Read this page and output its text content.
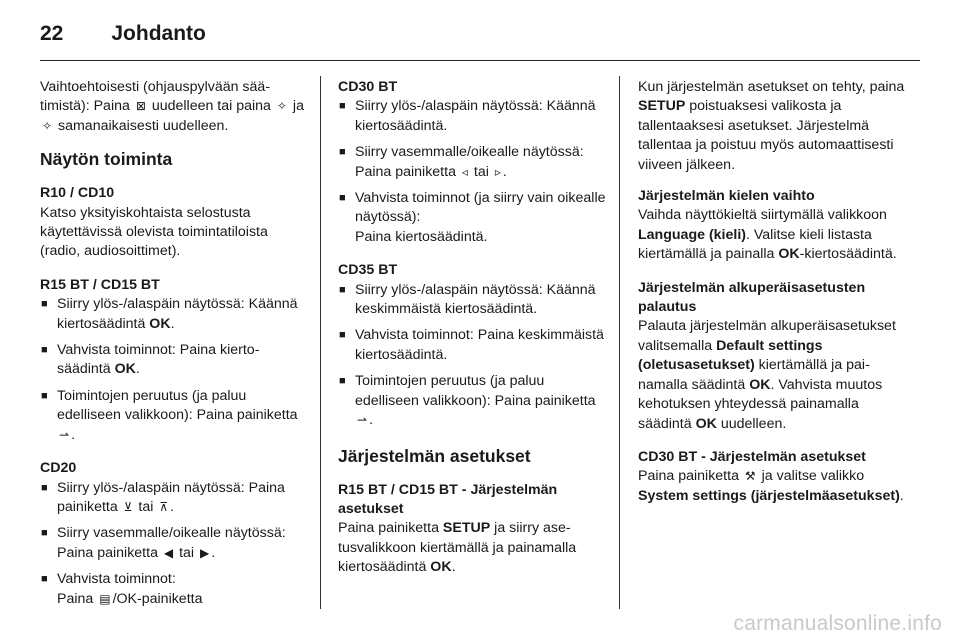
22 Johdanto

Vaihtoehtoisesti (ohjauspylvään säätimistä): Paina ⊠ uudelleen tai paina ✧ ja ✧ samanaikaisesti uudelleen.

Näytön toiminta
R10 / CD10
Katso yksityiskohtaista selostusta käytettävissä olevista toimintatiloista (radio, audiosoittimet).
R15 BT / CD15 BT
■ Siirry ylös-/alaspäin näytössä: Käännä kiertosäädintä OK.
■ Vahvista toiminnot: Paina kiertosäädintä OK.
■ Toimintojen peruutus (ja paluu edelliseen valikkoon): Paina painiketta ⇀ .
CD20
■ Siirry ylös-/alaspäin näytössä: Paina painiketta ⊻ tai ⊼ .
■ Siirry vasemmalle/oikealle näytössä: Paina painiketta ◀ tai ▶ .
■ Vahvista toiminnot:
Paina ▤ /OK-painiketta
CD30 BT
■ Siirry ylös-/alaspäin näytössä: Käännä kiertosäädintä.
■ Siirry vasemmalle/oikealle näytössä: Paina painiketta ◃ tai ▹ .
■ Vahvista toiminnot (ja siirry vain oikealle näytössä):
Paina kiertosäädintä.
CD35 BT
■ Siirry ylös-/alaspäin näytössä: Käännä keskimmäistä kiertosäädintä.
■ Vahvista toiminnot: Paina keskimmäistä kiertosäädintä.
■ Toimintojen peruutus (ja paluu edelliseen valikkoon): Paina painiketta ⇀ .
Järjestelmän asetukset
R15 BT / CD15 BT - Järjestelmän asetukset
Paina painiketta SETUP ja siirry asetusvalikkoon kiertämällä ja painamalla kiertosäädintä OK.

Kun järjestelmän asetukset on tehty, paina SETUP poistuaksesi valikosta ja tallentaaksesi asetukset. Järjestelmä tallentaa ja poistuu myös automaattisesti viiveen jälkeen.

Järjestelmän kielen vaihto
Vaihda näyttökieltä siirtymällä valikkoon Language (kieli). Valitse kieli listasta kiertämällä ja painalla OK-kiertosäädintä.
Järjestelmän alkuperäisasetusten palautus
Palauta järjestelmän alkuperäisasetukset valitsemalla Default settings (oletusasetukset) kiertämällä ja painamalla säädintä OK. Vahvista muutos kehotuksen yhteydessä painamalla säädintä OK uudelleen.
CD30 BT - Järjestelmän asetukset
Paina painiketta ⚒ ja valitse valikko System settings (järjestelmäasetukset).
carmanualsonline.info
